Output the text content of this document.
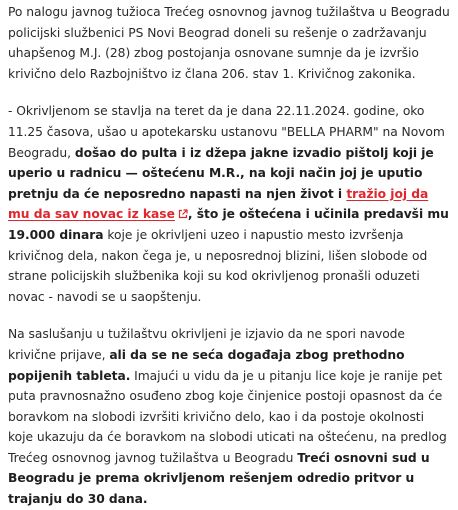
Po nalogu javnog tužioca Trećeg osnovnog javnog tužilaštva u Beogradu policijski službenici PS Novi Beograd doneli su rešenje o zadržavanju uhapšenog M.J. (28) zbog postojanja osnovane sumnje da je izvršio krivično delo Razbojništvo iz člana 206. stav 1. Krivičnog zakonika.

- Okrivljenom se stavlja na teret da je dana 22.11.2024. godine, oko 11.25 časova, ušao u apotekarsku ustanovu "BELLA PHARM" na Novom Beogradu, došao do pulta i iz džepa jakne izvadio pištolj koji je uperio u radnicu — oštećenu M.R., na koji način joj je uputio pretnju da će neposredno napasti na njen život i tražio joj da mu da sav novac iz kase , što je oštećena i učinila predavši mu 19.000 dinara koje je okrivljeni uzeo i napustio mesto izvršenja krivičnog dela, nakon čega je, u neposrednoj blizini, lišen slobode od strane policijskih službenika koji su kod okrivljenog pronašli oduzeti novac - navodi se u saopštenju.

Na saslušanju u tužilaštvu okrivljeni je izjavio da ne spori navode krivične prijave, ali da se ne seća događaja zbog prethodno popijenih tableta. Imajući u vidu da je u pitanju lice koje je ranije pet puta pravnosnažno osuđeno zbog koje činjenice postoji opasnost da će boravkom na slobodi izvršiti krivično delo, kao i da postoje okolnosti koje ukazuju da će boravkom na slobodi uticati na oštećenu, na predlog Trećeg osnovnog javnog tužilaštva u Beogradu Treći osnovni sud u Beogradu je prema okrivljenom rešenjem odredio pritvor u trajanju do 30 dana.
